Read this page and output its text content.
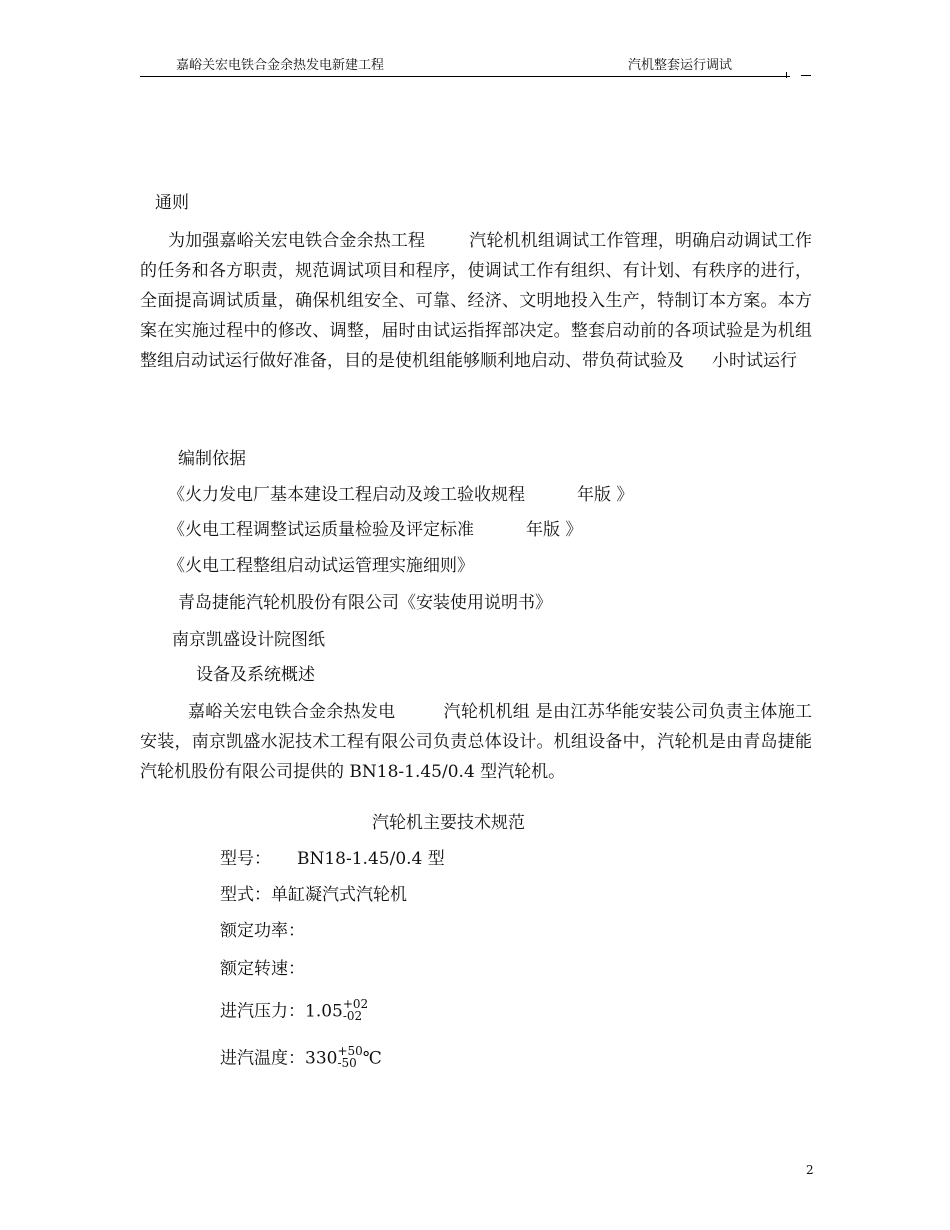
嘉峪关宏电铁合金余热发电新建工程	汽机整套运行调试
通则
为加强嘉峪关宏电铁合金余热工程	汽轮机机组调试工作管理，明确启动调试工作的任务和各方职责，规范调试项目和程序，使调试工作有组织、有计划、有秩序的进行，全面提高调试质量，确保机组安全、可靠、经济、文明地投入生产，特制订本方案。本方案在实施过程中的修改、调整，届时由试运指挥部决定。整套启动前的各项试验是为机组整组启动试运行做好准备，目的是使机组能够顺利地启动、带负荷试验及 小时试运行
编制依据
《火力发电厂基本建设工程启动及竣工验收规程	年版 》
《火电工程调整试运质量检验及评定标准	年版 》
《火电工程整组启动试运管理实施细则》
青岛捷能汽轮机股份有限公司《安装使用说明书》
南京凯盛设计院图纸
设备及系统概述
嘉峪关宏电铁合金余热发电	汽轮机机组 是由江苏华能安装公司负责主体施工安装，南京凯盛水泥技术工程有限公司负责总体设计。机组设备中，汽轮机是由青岛捷能汽轮机股份有限公司提供的 BN18-1.45/0.4 型汽轮机。
汽轮机主要技术规范
型号： BN18-1.45/0.4 型
型式：单缸凝汽式汽轮机
额定功率：
额定转速：
进汽压力：1.05 +02
-02
进汽温度：330 +50
-50 ℃
2
